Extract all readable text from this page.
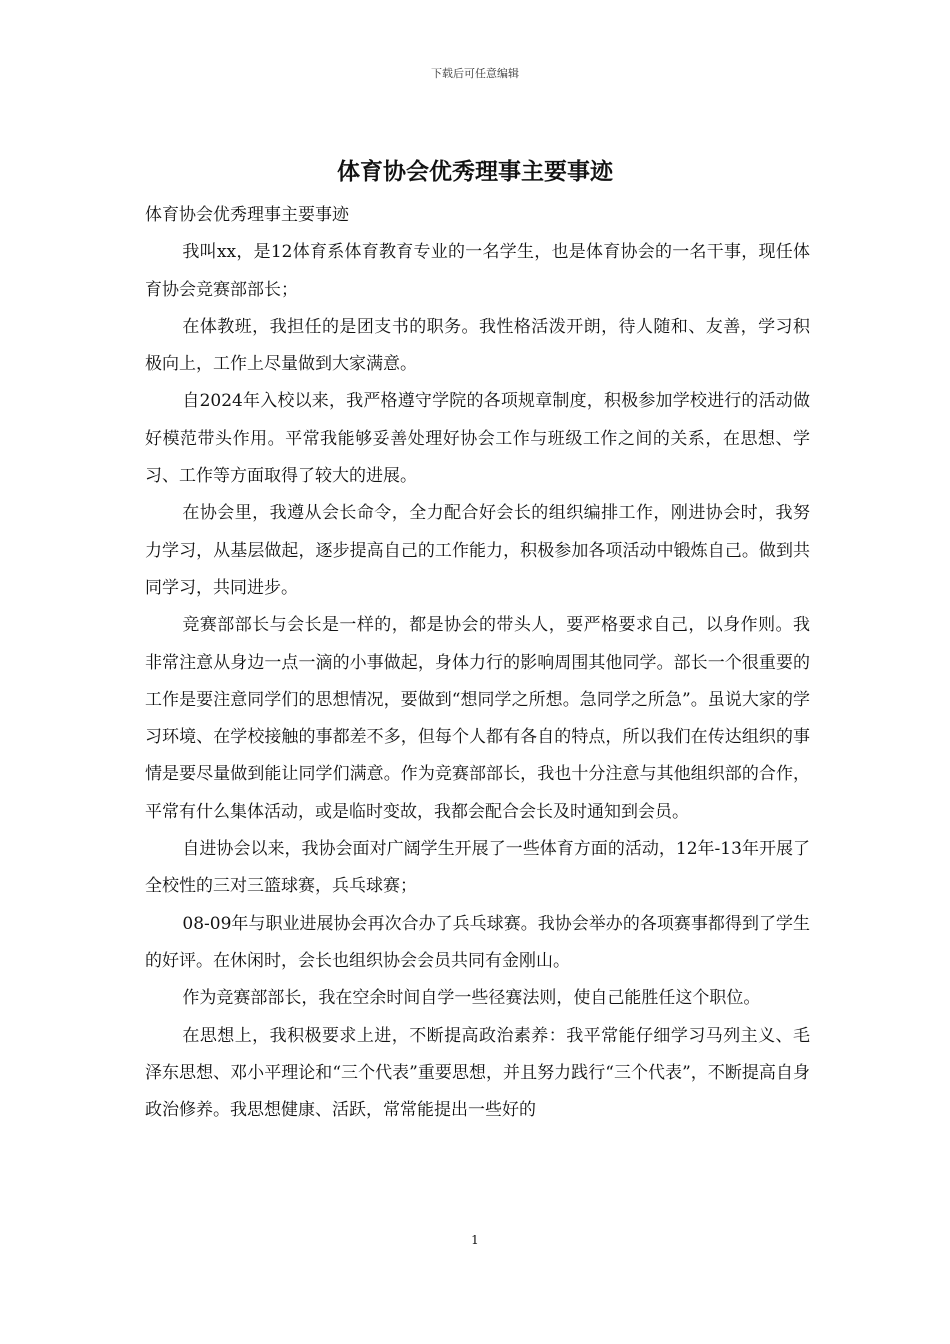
下载后可任意编辑
体育协会优秀理事主要事迹

体育协会优秀理事主要事迹

我叫xx，是12体育系体育教育专业的一名学生，也是体育协会的一名干事，现任体育协会竞赛部部长；

在体教班，我担任的是团支书的职务。我性格活泼开朗，待人随和、友善，学习积极向上，工作上尽量做到大家满意。

自2024年入校以来，我严格遵守学院的各项规章制度，积极参加学校进行的活动做好模范带头作用。平常我能够妥善处理好协会工作与班级工作之间的关系，在思想、学习、工作等方面取得了较大的进展。

在协会里，我遵从会长命令，全力配合好会长的组织编排工作，刚进协会时，我努力学习，从基层做起，逐步提高自己的工作能力，积极参加各项活动中锻炼自己。做到共同学习，共同进步。

竞赛部部长与会长是一样的，都是协会的带头人，要严格要求自己，以身作则。我非常注意从身边一点一滴的小事做起，身体力行的影响周围其他同学。部长一个很重要的工作是要注意同学们的思想情况，要做到“想同学之所想。急同学之所急”。虽说大家的学习环境、在学校接触的事都差不多，但每个人都有各自的特点，所以我们在传达组织的事情是要尽量做到能让同学们满意。作为竞赛部部长，我也十分注意与其他组织部的合作，平常有什么集体活动，或是临时变故，我都会配合会长及时通知到会员。

自进协会以来，我协会面对广阔学生开展了一些体育方面的活动，12年-13年开展了全校性的三对三篮球赛，兵乓球赛；

08-09年与职业进展协会再次合办了兵乓球赛。我协会举办的各项赛事都得到了学生的好评。在休闲时，会长也组织协会会员共同有金刚山。

作为竞赛部部长，我在空余时间自学一些径赛法则，使自己能胜任这个职位。

在思想上，我积极要求上进，不断提高政治素养：我平常能仔细学习马列主义、毛泽东思想、邓小平理论和“三个代表”重要思想，并且努力践行“三个代表”，不断提高自身政治修养。我思想健康、活跃，常常能提出一些好的

1
